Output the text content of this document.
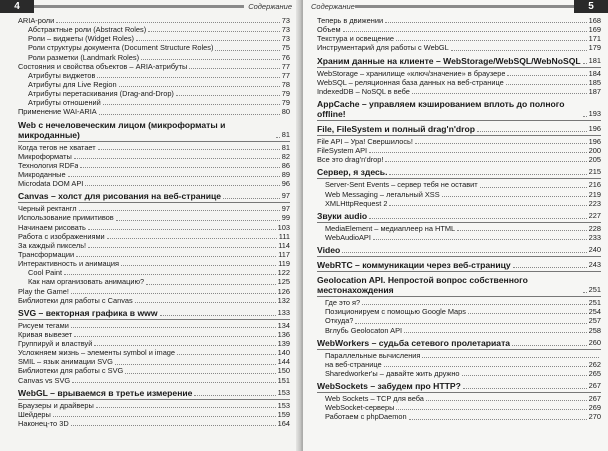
4	Содержание
ARIA-роли	73
Абстрактные роли (Abstract Roles)	73
Роли – виджеты (Widget Roles)	73
Роли структуры документа (Document Structure Roles)	75
Роли разметки (Landmark Roles)	76
Состояния и свойства объектов – ARIA-атрибуты	77
Атрибуты виджетов	77
Атрибуты для Live Region	78
Атрибуты перетаскивания (Drag-and-Drop)	79
Атрибуты отношений	79
Применение WAI-ARIA	80
Web с нечеловеческим лицом (микроформаты и микроданные)	81
Когда тегов не хватает	81
Микроформаты	82
Технология RDFa	86
Микроданные	89
Microdata DOM API	96
Canvas – холст для рисования на веб-странице	97
Черный ректангл	97
Использование примитивов	99
Начинаем рисовать	103
Работа с изображениями	111
За каждый пиксель!	114
Трансформации	117
Интерактивность и анимация	119
Cool Paint	122
Как нам организовать анимацию?	125
Play the Game!	126
Библиотеки для работы с Canvas	132
SVG – векторная графика в www	133
Рисуем тегами	134
Кривая вывезет	136
Группируй и властвуй	139
Усложняем жизнь – элементы symbol и image	140
SMIL – язык анимации SVG	144
Библиотеки для работы с SVG	150
Canvas vs SVG	151
WebGL – врываемся в третье измерение	153
Браузеры и драйверы	153
Шейдеры	159
Наконец-то 3D	164
Содержание	5
Теперь в движении	168
Объем	169
Текстура и освещение	171
Инструментарий для работы с WebGL	179
Храним данные на клиенте – WebStorage/WebSQL/WebNoSQL 181
WebStorage – хранилище «ключ/значение» в браузере	184
WebSQL – реляционная база данных на веб-странице	185
IndexedDB – NoSQL в вебе	187
AppCache – управляем кэшированием вплоть до полного offline!	193
File, FileSystem и полный drag'n'drop	196
File API – Ура! Свершилось!	196
FileSystem API	200
Все это drag'n'drop!	205
Сервер, я здесь.	215
Server-Sent Events – сервер тебя не оставит	216
Web Messaging – легальный XSS	219
XMLHttpRequest 2	223
Звуки audio	227
MediaElement – медиаплеер на HTML	228
WebAudioAPI	233
Video	240
WebRTC – коммуникации через веб-страницу	243
Geolocation API. Непростой вопрос собственного местонахождения	251
Где это я?	251
Позиционируем с помощью Google Maps	254
Откуда?	257
Вглубь Geolocaton API	258
WebWorkers – судьба сетевого пролетариата	260
Параллельные вычисления
на веб-странице	262
Sharedworker'ы – давайте жить дружно	265
WebSockets – забудем про HTTP?	267
Web Sockets – TCP для веба	267
WebSocket-серверы	269
Работаем с phpDaemon	270
